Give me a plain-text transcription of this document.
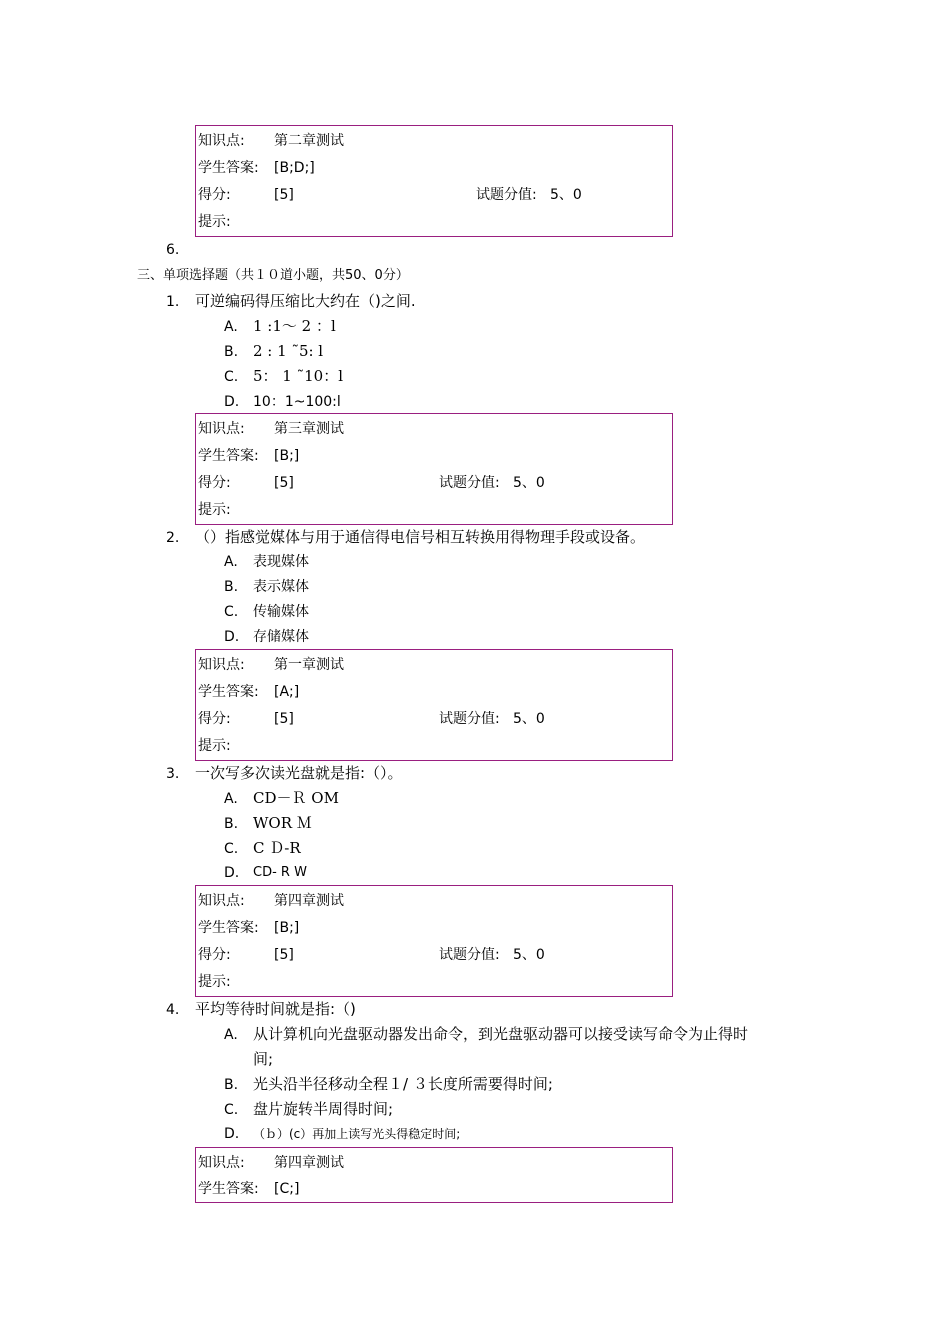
知识点: 第二章测试
学生答案: [B;D;]
得分:	[5]	试题分值: 5、0
提示:
6.
三、单项选择题（共１０道小题，共50、0分）
1. 可逆编码得压缩比大约在（)之间.
A. 1 :1～ 2 ：l
B. 2 : 1 ˜5: l
C. 5： 1 ˜10：l
D. 10：1~100:l
知识点: 第三章测试
学生答案: [B;]
得分:	[5]	试题分值: 5、0
提示:
2. （）指感觉媒体与用于通信得电信号相互转换用得物理手段或设备。
A. 表现媒体
B. 表示媒体
C. 传输媒体
D. 存储媒体
知识点: 第一章测试
学生答案: [A;]
得分:	[5]	试题分值: 5、0
提示:
3. 一次写多次读光盘就是指:（）。
A. CD－Ｒ OM
B. WOR Ｍ
C. C Ｄ-R
D. CD- R W
知识点: 第四章测试
学生答案: [B;]
得分:	[5]	试题分值: 5、0
提示:
4. 平均等待时间就是指:（)
A. 从计算机向光盘驱动器发出命令，到光盘驱动器可以接受读写命令为止得时
间;
B. 光头沿半径移动全程１/ ３长度所需要得时间;
C. 盘片旋转半周得时间;
D. （ｂ）(c）再加上读写光头得稳定时间;
知识点: 第四章测试
学生答案: [C;]
